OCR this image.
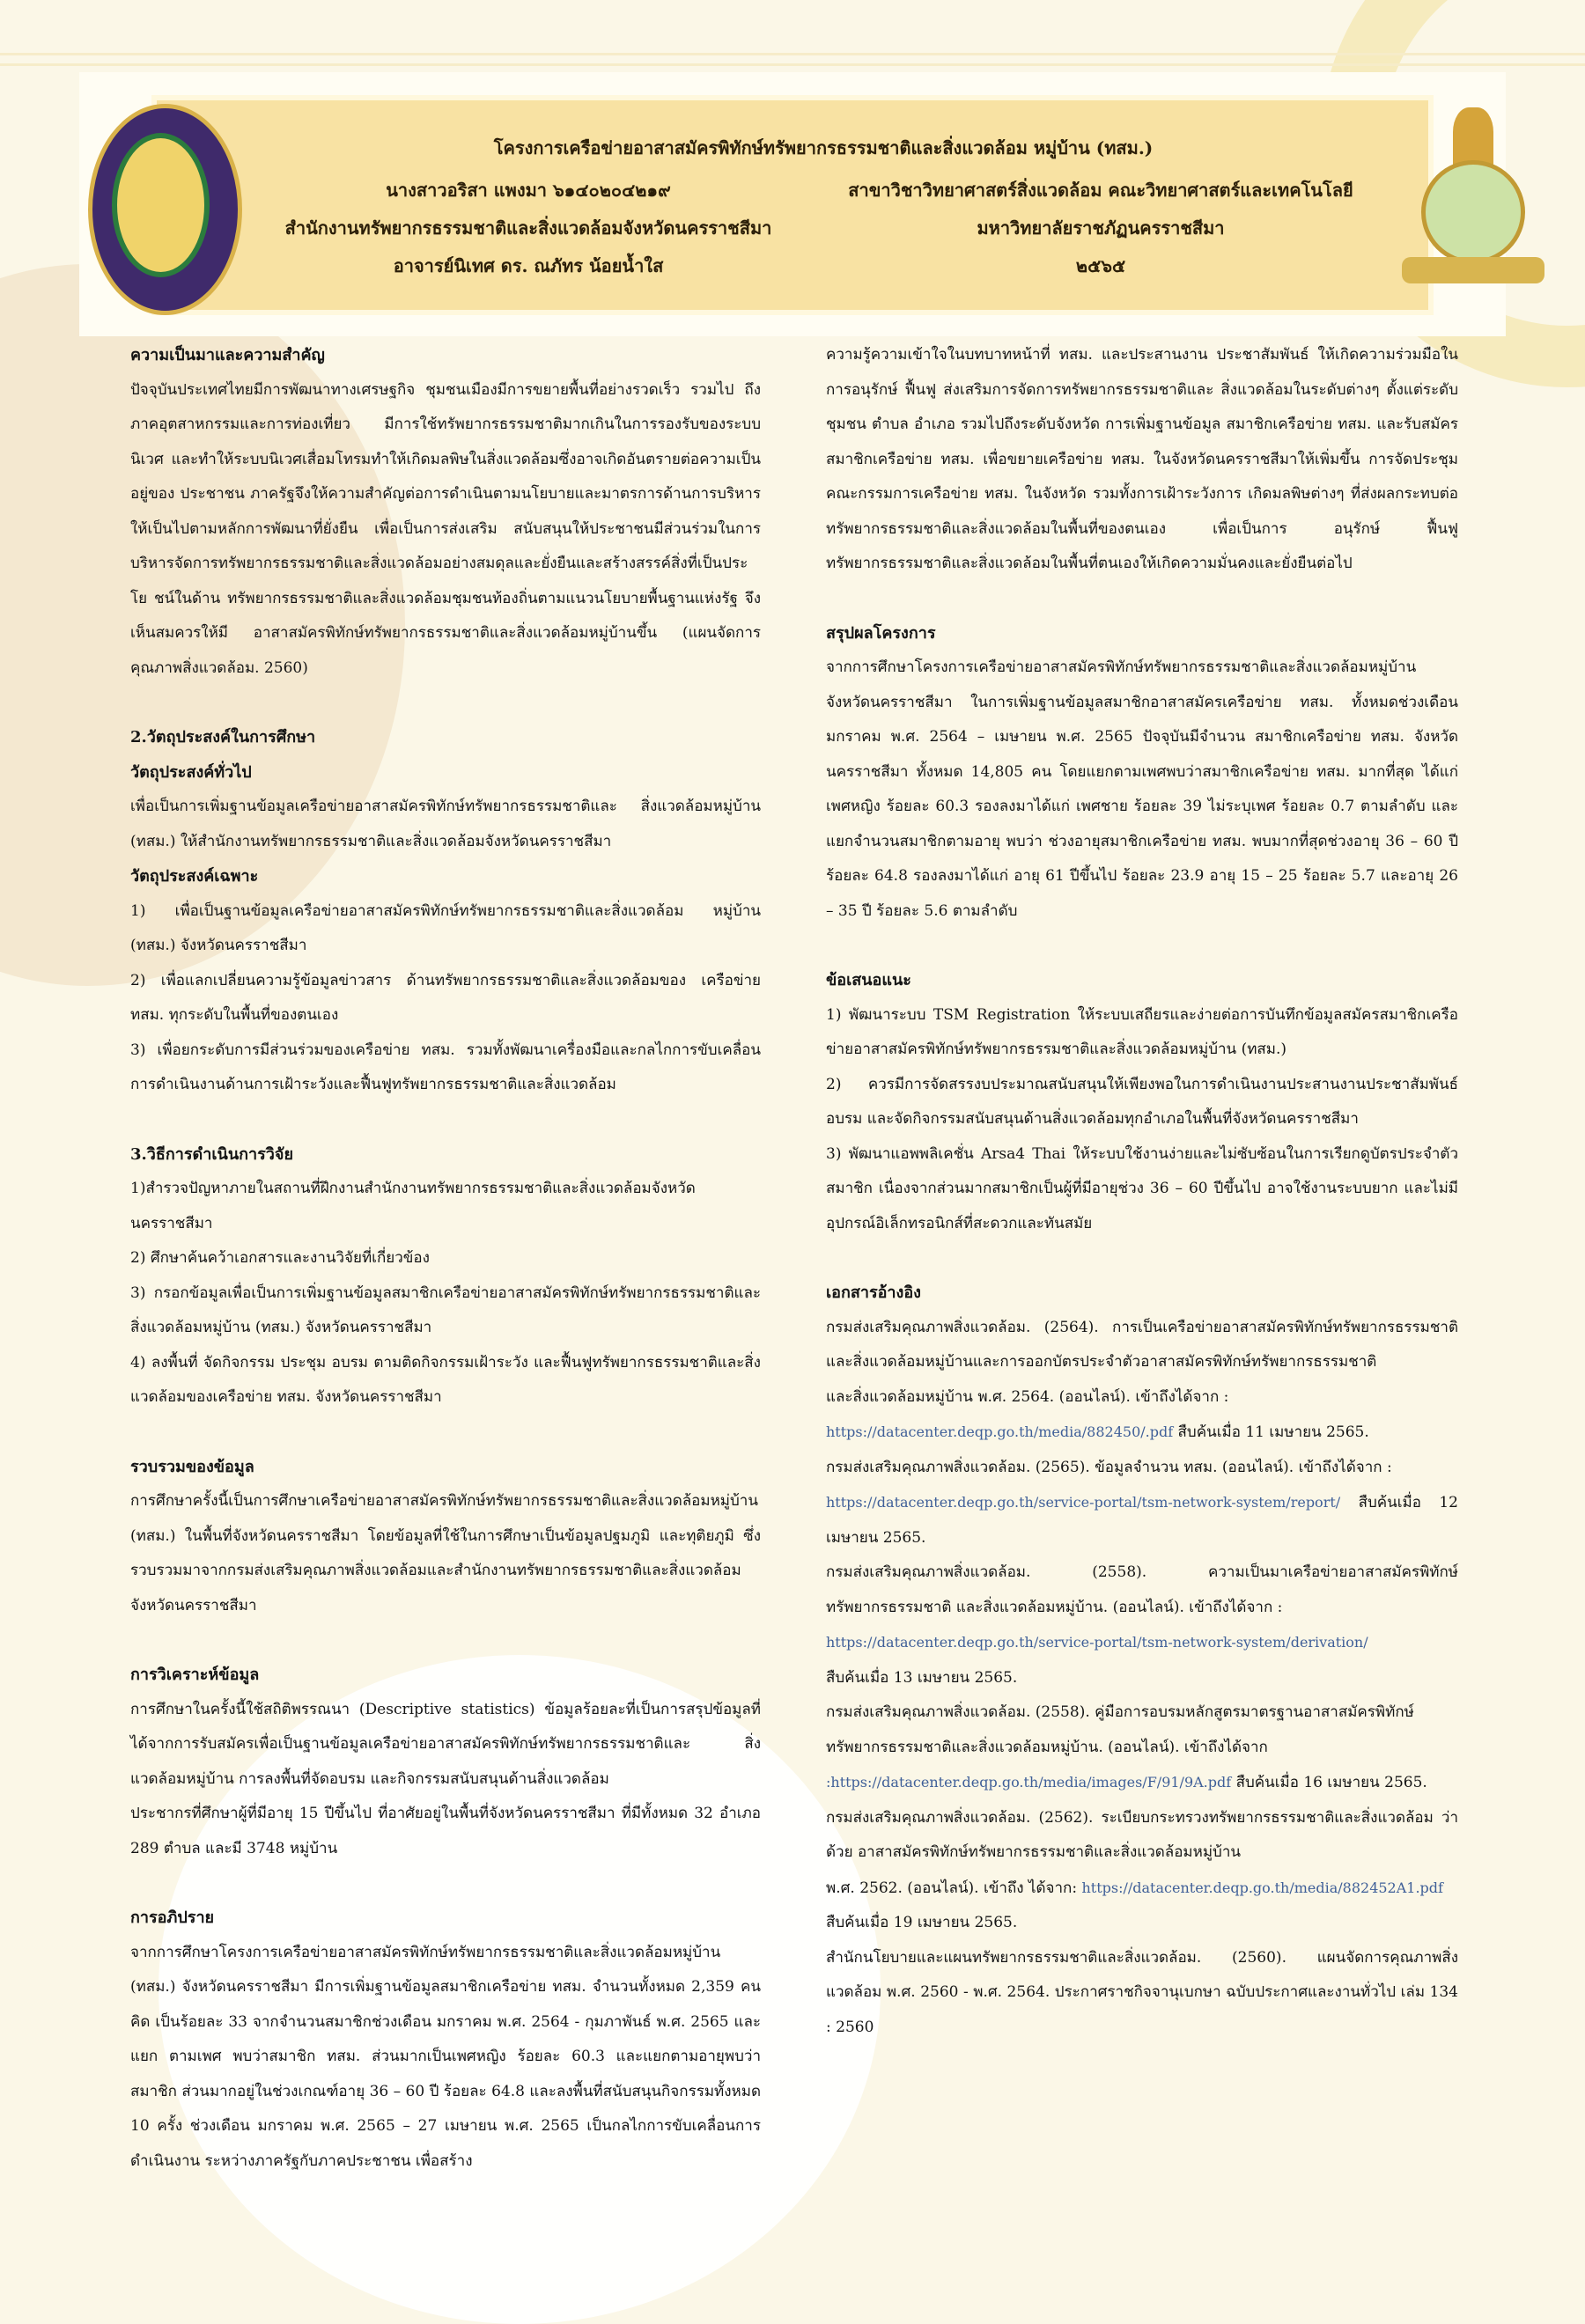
โครงการเครือข่ายอาสาสมัครพิทักษ์ทรัพยากรธรรมชาติและสิ่งแวดล้อม หมู่บ้าน (ทสม.)
นางสาวอริสา แพงมา ๖๑๔๐๒๐๔๒๑๙	สาขาวิชาวิทยาศาสตร์สิ่งแวดล้อม คณะวิทยาศาสตร์และเทคโนโลยี
สำนักงานทรัพยากรธรรมชาติและสิ่งแวดล้อมจังหวัดนครราชสีมา	มหาวิทยาลัยราชภัฏนครราชสีมา
อาจารย์นิเทศ ดร. ณภัทร น้อยน้ำใส	๒๕๖๕
ความเป็นมาและความสำคัญ
ปัจจุบันประเทศไทยมีการพัฒนาทางเศรษฐกิจ ชุมชนเมืองมีการขยายพื้นที่อย่างรวดเร็ว รวมไป ถึงภาคอุตสาหกรรมและการท่องเที่ยว มีการใช้ทรัพยากรธรรมชาติมากเกินในการรองรับของระบบนิเวศ และทำให้ระบบนิเวศเสื่อมโทรมทำให้เกิดมลพิษในสิ่งแวดล้อมซึ่งอาจเกิดอันตรายต่อความเป็นอยู่ของ ประชาชน ภาครัฐจึงให้ความสำคัญต่อการดำเนินตามนโยบายและมาตรการด้านการบริหารให้เป็นไปตามหลักการพัฒนาที่ยั่งยืน เพื่อเป็นการส่งเสริม สนับสนุนให้ประชาชนมีส่วนร่วมในการบริหารจัดการทรัพยากรธรรมชาติและสิ่งแวดล้อมอย่างสมดุลและยั่งยืนและสร้างสรรค์สิ่งที่เป็นประโย ชน์ในด้าน ทรัพยากรธรรมชาติและสิ่งแวดล้อมชุมชนท้องถิ่นตามแนวนโยบายพื้นฐานแห่งรัฐ จึงเห็นสมควรให้มี อาสาสมัครพิทักษ์ทรัพยากรธรรมชาติและสิ่งแวดล้อมหมู่บ้านขึ้น (แผนจัดการคุณภาพสิ่งแวดล้อม. 2560)
2.วัตถุประสงค์ในการศึกษา
วัตถุประสงค์ทั่วไป
เพื่อเป็นการเพิ่มฐานข้อมูลเครือข่ายอาสาสมัครพิทักษ์ทรัพยากรธรรมชาติและ สิ่งแวดล้อมหมู่บ้าน (ทสม.) ให้สำนักงานทรัพยากรธรรมชาติและสิ่งแวดล้อมจังหวัดนครราชสีมา
วัตถุประสงค์เฉพาะ
1) เพื่อเป็นฐานข้อมูลเครือข่ายอาสาสมัครพิทักษ์ทรัพยากรธรรมชาติและสิ่งแวดล้อม หมู่บ้าน (ทสม.) จังหวัดนครราชสีมา
2) เพื่อแลกเปลี่ยนความรู้ข้อมูลข่าวสาร ด้านทรัพยากรธรรมชาติและสิ่งแวดล้อมของ เครือข่าย ทสม. ทุกระดับในพื้นที่ของตนเอง
3) เพื่อยกระดับการมีส่วนร่วมของเครือข่าย ทสม. รวมทั้งพัฒนาเครื่องมือและกลไกการขับเคลื่อนการดำเนินงานด้านการเฝ้าระวังและฟื้นฟูทรัพยากรธรรมชาติและสิ่งแวดล้อม
3.วิธีการดำเนินการวิจัย
1)สำรวจปัญหาภายในสถานที่ฝึกงานสำนักงานทรัพยากรธรรมชาติและสิ่งแวดล้อมจังหวัดนครราชสีมา
2) ศึกษาค้นคว้าเอกสารและงานวิจัยที่เกี่ยวข้อง
3) กรอกข้อมูลเพื่อเป็นการเพิ่มฐานข้อมูลสมาชิกเครือข่ายอาสาสมัครพิทักษ์ทรัพยากรธรรมชาติและสิ่งแวดล้อมหมู่บ้าน (ทสม.) จังหวัดนครราชสีมา
4) ลงพื้นที่ จัดกิจกรรม ประชุม อบรม ตามติดกิจกรรมเฝ้าระวัง และฟื้นฟูทรัพยากรธรรมชาติและสิ่งแวดล้อมของเครือข่าย ทสม. จังหวัดนครราชสีมา
รวบรวมของข้อมูล
การศึกษาครั้งนี้เป็นการศึกษาเครือข่ายอาสาสมัครพิทักษ์ทรัพยากรธรรมชาติและสิ่งแวดล้อมหมู่บ้าน (ทสม.) ในพื้นที่จังหวัดนครราชสีมา โดยข้อมูลที่ใช้ในการศึกษาเป็นข้อมูลปฐมภูมิ และทุติยภูมิ ซึ่งรวบรวมมาจากกรมส่งเสริมคุณภาพสิ่งแวดล้อมและสำนักงานทรัพยากรธรรมชาติและสิ่งแวดล้อม จังหวัดนครราชสีมา
การวิเคราะห์ข้อมูล
การศึกษาในครั้งนี้ใช้สถิติพรรณนา (Descriptive statistics) ข้อมูลร้อยละที่เป็นการสรุปข้อมูลที่ได้จากการรับสมัครเพื่อเป็นฐานข้อมูลเครือข่ายอาสาสมัครพิทักษ์ทรัพยากรธรรมชาติและ สิ่งแวดล้อมหมู่บ้าน การลงพื้นที่จัดอบรม และกิจกรรมสนับสนุนด้านสิ่งแวดล้อม
ประชากรที่ศึกษาผู้ที่มีอายุ 15 ปีขึ้นไป ที่อาศัยอยู่ในพื้นที่จังหวัดนครราชสีมา ที่มีทั้งหมด 32 อำเภอ 289 ตำบล และมี 3748 หมู่บ้าน
การอภิปราย
จากการศึกษาโครงการเครือข่ายอาสาสมัครพิทักษ์ทรัพยากรธรรมชาติและสิ่งแวดล้อมหมู่บ้าน (ทสม.) จังหวัดนครราชสีมา มีการเพิ่มฐานข้อมูลสมาชิกเครือข่าย ทสม. จำนวนทั้งหมด 2,359 คน คิด เป็นร้อยละ 33 จากจำนวนสมาชิกช่วงเดือน มกราคม พ.ศ. 2564 - กุมภาพันธ์ พ.ศ. 2565 และแยก ตามเพศ พบว่าสมาชิก ทสม. ส่วนมากเป็นเพศหญิง ร้อยละ 60.3 และแยกตามอายุพบว่าสมาชิก ส่วนมากอยู่ในช่วงเกณฑ์อายุ 36 – 60 ปี ร้อยละ 64.8 และลงพื้นที่สนับสนุนกิจกรรมทั้งหมด 10 ครั้ง ช่วงเดือน มกราคม พ.ศ. 2565 – 27 เมษายน พ.ศ. 2565 เป็นกลไกการขับเคลื่อนการดำเนินงาน ระหว่างภาครัฐกับภาคประชาชน เพื่อสร้าง
ความรู้ความเข้าใจในบทบาทหน้าที่ ทสม. และประสานงาน ประชาสัมพันธ์ ให้เกิดความร่วมมือในการอนุรักษ์ ฟื้นฟู ส่งเสริมการจัดการทรัพยากรธรรมชาติและ สิ่งแวดล้อมในระดับต่างๆ ตั้งแต่ระดับ ชุมชน ตำบล อำเภอ รวมไปถึงระดับจังหวัด การเพิ่มฐานข้อมูล สมาชิกเครือข่าย ทสม. และรับสมัครสมาชิกเครือข่าย ทสม. เพื่อขยายเครือข่าย ทสม. ในจังหวัดนครราชสีมาให้เพิ่มขึ้น การจัดประชุมคณะกรรมการเครือข่าย ทสม. ในจังหวัด รวมทั้งการเฝ้าระวังการ เกิดมลพิษต่างๆ ที่ส่งผลกระทบต่อทรัพยากรธรรมชาติและสิ่งแวดล้อมในพื้นที่ของตนเอง เพื่อเป็นการ อนุรักษ์ ฟื้นฟู ทรัพยากรธรรมชาติและสิ่งแวดล้อมในพื้นที่ตนเองให้เกิดความมั่นคงและยั่งยืนต่อไป
สรุปผลโครงการ
จากการศึกษาโครงการเครือข่ายอาสาสมัครพิทักษ์ทรัพยากรธรรมชาติและสิ่งแวดล้อมหมู่บ้าน จังหวัดนครราชสีมา ในการเพิ่มฐานข้อมูลสมาชิกอาสาสมัครเครือข่าย ทสม. ทั้งหมดช่วงเดือน มกราคม พ.ศ. 2564 – เมษายน พ.ศ. 2565 ปัจจุบันมีจำนวน สมาชิกเครือข่าย ทสม. จังหวัดนครราชสีมา ทั้งหมด 14,805 คน โดยแยกตามเพศพบว่าสมาชิกเครือข่าย ทสม. มากที่สุด ได้แก่ เพศหญิง ร้อยละ 60.3 รองลงมาได้แก่ เพศชาย ร้อยละ 39 ไม่ระบุเพศ ร้อยละ 0.7 ตามลำดับ และแยกจำนวนสมาชิกตามอายุ พบว่า ช่วงอายุสมาชิกเครือข่าย ทสม. พบมากที่สุดช่วงอายุ 36 – 60 ปี ร้อยละ 64.8 รองลงมาได้แก่ อายุ 61 ปีขึ้นไป ร้อยละ 23.9 อายุ 15 – 25 ร้อยละ 5.7 และอายุ 26 – 35 ปี ร้อยละ 5.6 ตามลำดับ
ข้อเสนอแนะ
1) พัฒนาระบบ TSM Registration ให้ระบบเสถียรและง่ายต่อการบันทึกข้อมูลสมัครสมาชิกเครือข่ายอาสาสมัครพิทักษ์ทรัพยากรธรรมชาติและสิ่งแวดล้อมหมู่บ้าน (ทสม.)
2) ควรมีการจัดสรรงบประมาณสนับสนุนให้เพียงพอในการดำเนินงานประสานงานประชาสัมพันธ์ อบรม และจัดกิจกรรมสนับสนุนด้านสิ่งแวดล้อมทุกอำเภอในพื้นที่จังหวัดนครราชสีมา
3) พัฒนาแอพพลิเคชั่น Arsa4 Thai ให้ระบบใช้งานง่ายและไม่ซับซ้อนในการเรียกดูบัตรประจำตัวสมาชิก เนื่องจากส่วนมากสมาชิกเป็นผู้ที่มีอายุช่วง 36 – 60 ปีขึ้นไป อาจใช้งานระบบยาก และไม่มีอุปกรณ์อิเล็กทรอนิกส์ที่สะดวกและทันสมัย
เอกสารอ้างอิง
กรมส่งเสริมคุณภาพสิ่งแวดล้อม. (2564). การเป็นเครือข่ายอาสาสมัครพิทักษ์ทรัพยากรธรรมชาติและสิ่งแวดล้อมหมู่บ้านและการออกบัตรประจำตัวอาสาสมัครพิทักษ์ทรัพยากรธรรมชาติ
และสิ่งแวดล้อมหมู่บ้าน พ.ศ. 2564. (ออนไลน์). เข้าถึงได้จาก :
https://datacenter.deqp.go.th/media/882450/.pdf สืบค้นเมื่อ 11 เมษายน 2565.
กรมส่งเสริมคุณภาพสิ่งแวดล้อม. (2565). ข้อมูลจำนวน ทสม. (ออนไลน์). เข้าถึงได้จาก :
https://datacenter.deqp.go.th/service-portal/tsm-network-system/report/ สืบค้นเมื่อ 12 เมษายน 2565.
กรมส่งเสริมคุณภาพสิ่งแวดล้อม. (2558). ความเป็นมาเครือข่ายอาสาสมัครพิทักษ์ทรัพยากรธรรมชาติ และสิ่งแวดล้อมหมู่บ้าน. (ออนไลน์). เข้าถึงได้จาก :
https://datacenter.deqp.go.th/service-portal/tsm-network-system/derivation/
สืบค้นเมื่อ 13 เมษายน 2565.
กรมส่งเสริมคุณภาพสิ่งแวดล้อม. (2558). คู่มือการอบรมหลักสูตรมาตรฐานอาสาสมัครพิทักษ์
ทรัพยากรธรรมชาติและสิ่งแวดล้อมหมู่บ้าน. (ออนไลน์). เข้าถึงได้จาก
:https://datacenter.deqp.go.th/media/images/F/91/9A.pdf สืบค้นเมื่อ 16 เมษายน 2565.
กรมส่งเสริมคุณภาพสิ่งแวดล้อม. (2562). ระเบียบกระทรวงทรัพยากรธรรมชาติและสิ่งแวดล้อม ว่าด้วย อาสาสมัครพิทักษ์ทรัพยากรธรรมชาติและสิ่งแวดล้อมหมู่บ้าน
พ.ศ. 2562. (ออนไลน์). เข้าถึง ได้จาก: https://datacenter.deqp.go.th/media/882452A1.pdf
สืบค้นเมื่อ 19 เมษายน 2565.
สำนักนโยบายและแผนทรัพยากรธรรมชาติและสิ่งแวดล้อม. (2560). แผนจัดการคุณภาพสิ่งแวดล้อม พ.ศ. 2560 - พ.ศ. 2564. ประกาศราชกิจจานุเบกษา ฉบับประกาศและงานทั่วไป เล่ม 134 : 2560
